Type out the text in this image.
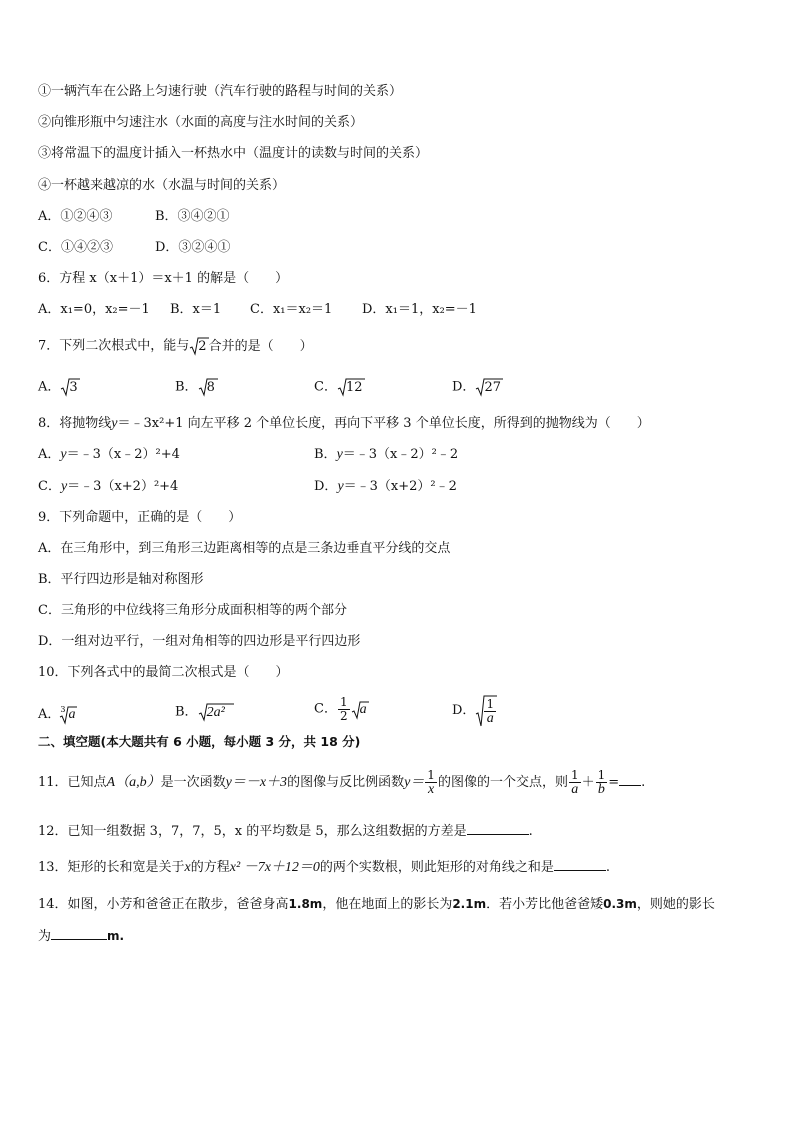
①一辆汽车在公路上匀速行驶（汽车行驶的路程与时间的关系）
②向锥形瓶中匀速注水（水面的高度与注水时间的关系）
③将常温下的温度计插入一杯热水中（温度计的读数与时间的关系）
④一杯越来越凉的水（水温与时间的关系）
A．①②④③	B．③④②①
C．①④②③	D．③②④①
6．方程 x（x＋1）＝x＋1 的解是（　　）
A．x₁=0，x₂=－1 B．x＝1 C．x₁＝x₂＝1 D．x₁＝1，x₂=－1
7．下列二次根式中，能与 2 合并的是（　　）
A． 3	B． 8	C． 12	D． 27
8．将抛物线y＝﹣3x²+1 向左平移 2 个单位长度，再向下平移 3 个单位长度，所得到的抛物线为（　　）
A．y＝﹣3（x﹣2）²+4	B．y＝﹣3（x﹣2）²﹣2
C．y＝﹣3（x+2）²+4	D．y＝﹣3（x+2）²﹣2
9．下列命题中，正确的是（　　）
A．在三角形中，到三角形三边距离相等的点是三条边垂直平分线的交点
B．平行四边形是轴对称图形
C．三角形的中位线将三角形分成面积相等的两个部分
D．一组对边平行，一组对角相等的四边形是平行四边形
10．下列各式中的最简二次根式是（　　）
A．$^3$ a	B． 2a²	C． $\frac{1}{2}$ a	D． $\frac{1}{a}$
二、填空题(本大题共有 6 小题，每小题 3 分，共 18 分)
11．已知点A（a,b）是一次函数y＝－x＋3的图像与反比例函数$y= \frac{1}{x}$ 的图像的一个交点，则 $\frac{1}{a} + \frac{1}{b}$ = .
12．已知一组数据 3，7，7，5，x 的平均数是 5，那么这组数据的方差是	.
13．矩形的长和宽是关于x的方程x² －7x＋12＝0的两个实数根，则此矩形的对角线之和是	.
14．如图，小芳和爸爸正在散步，爸爸身高1.8m，他在地面上的影长为2.1m．若小芳比他爸爸矮0.3m，则她的影长
为	m.
